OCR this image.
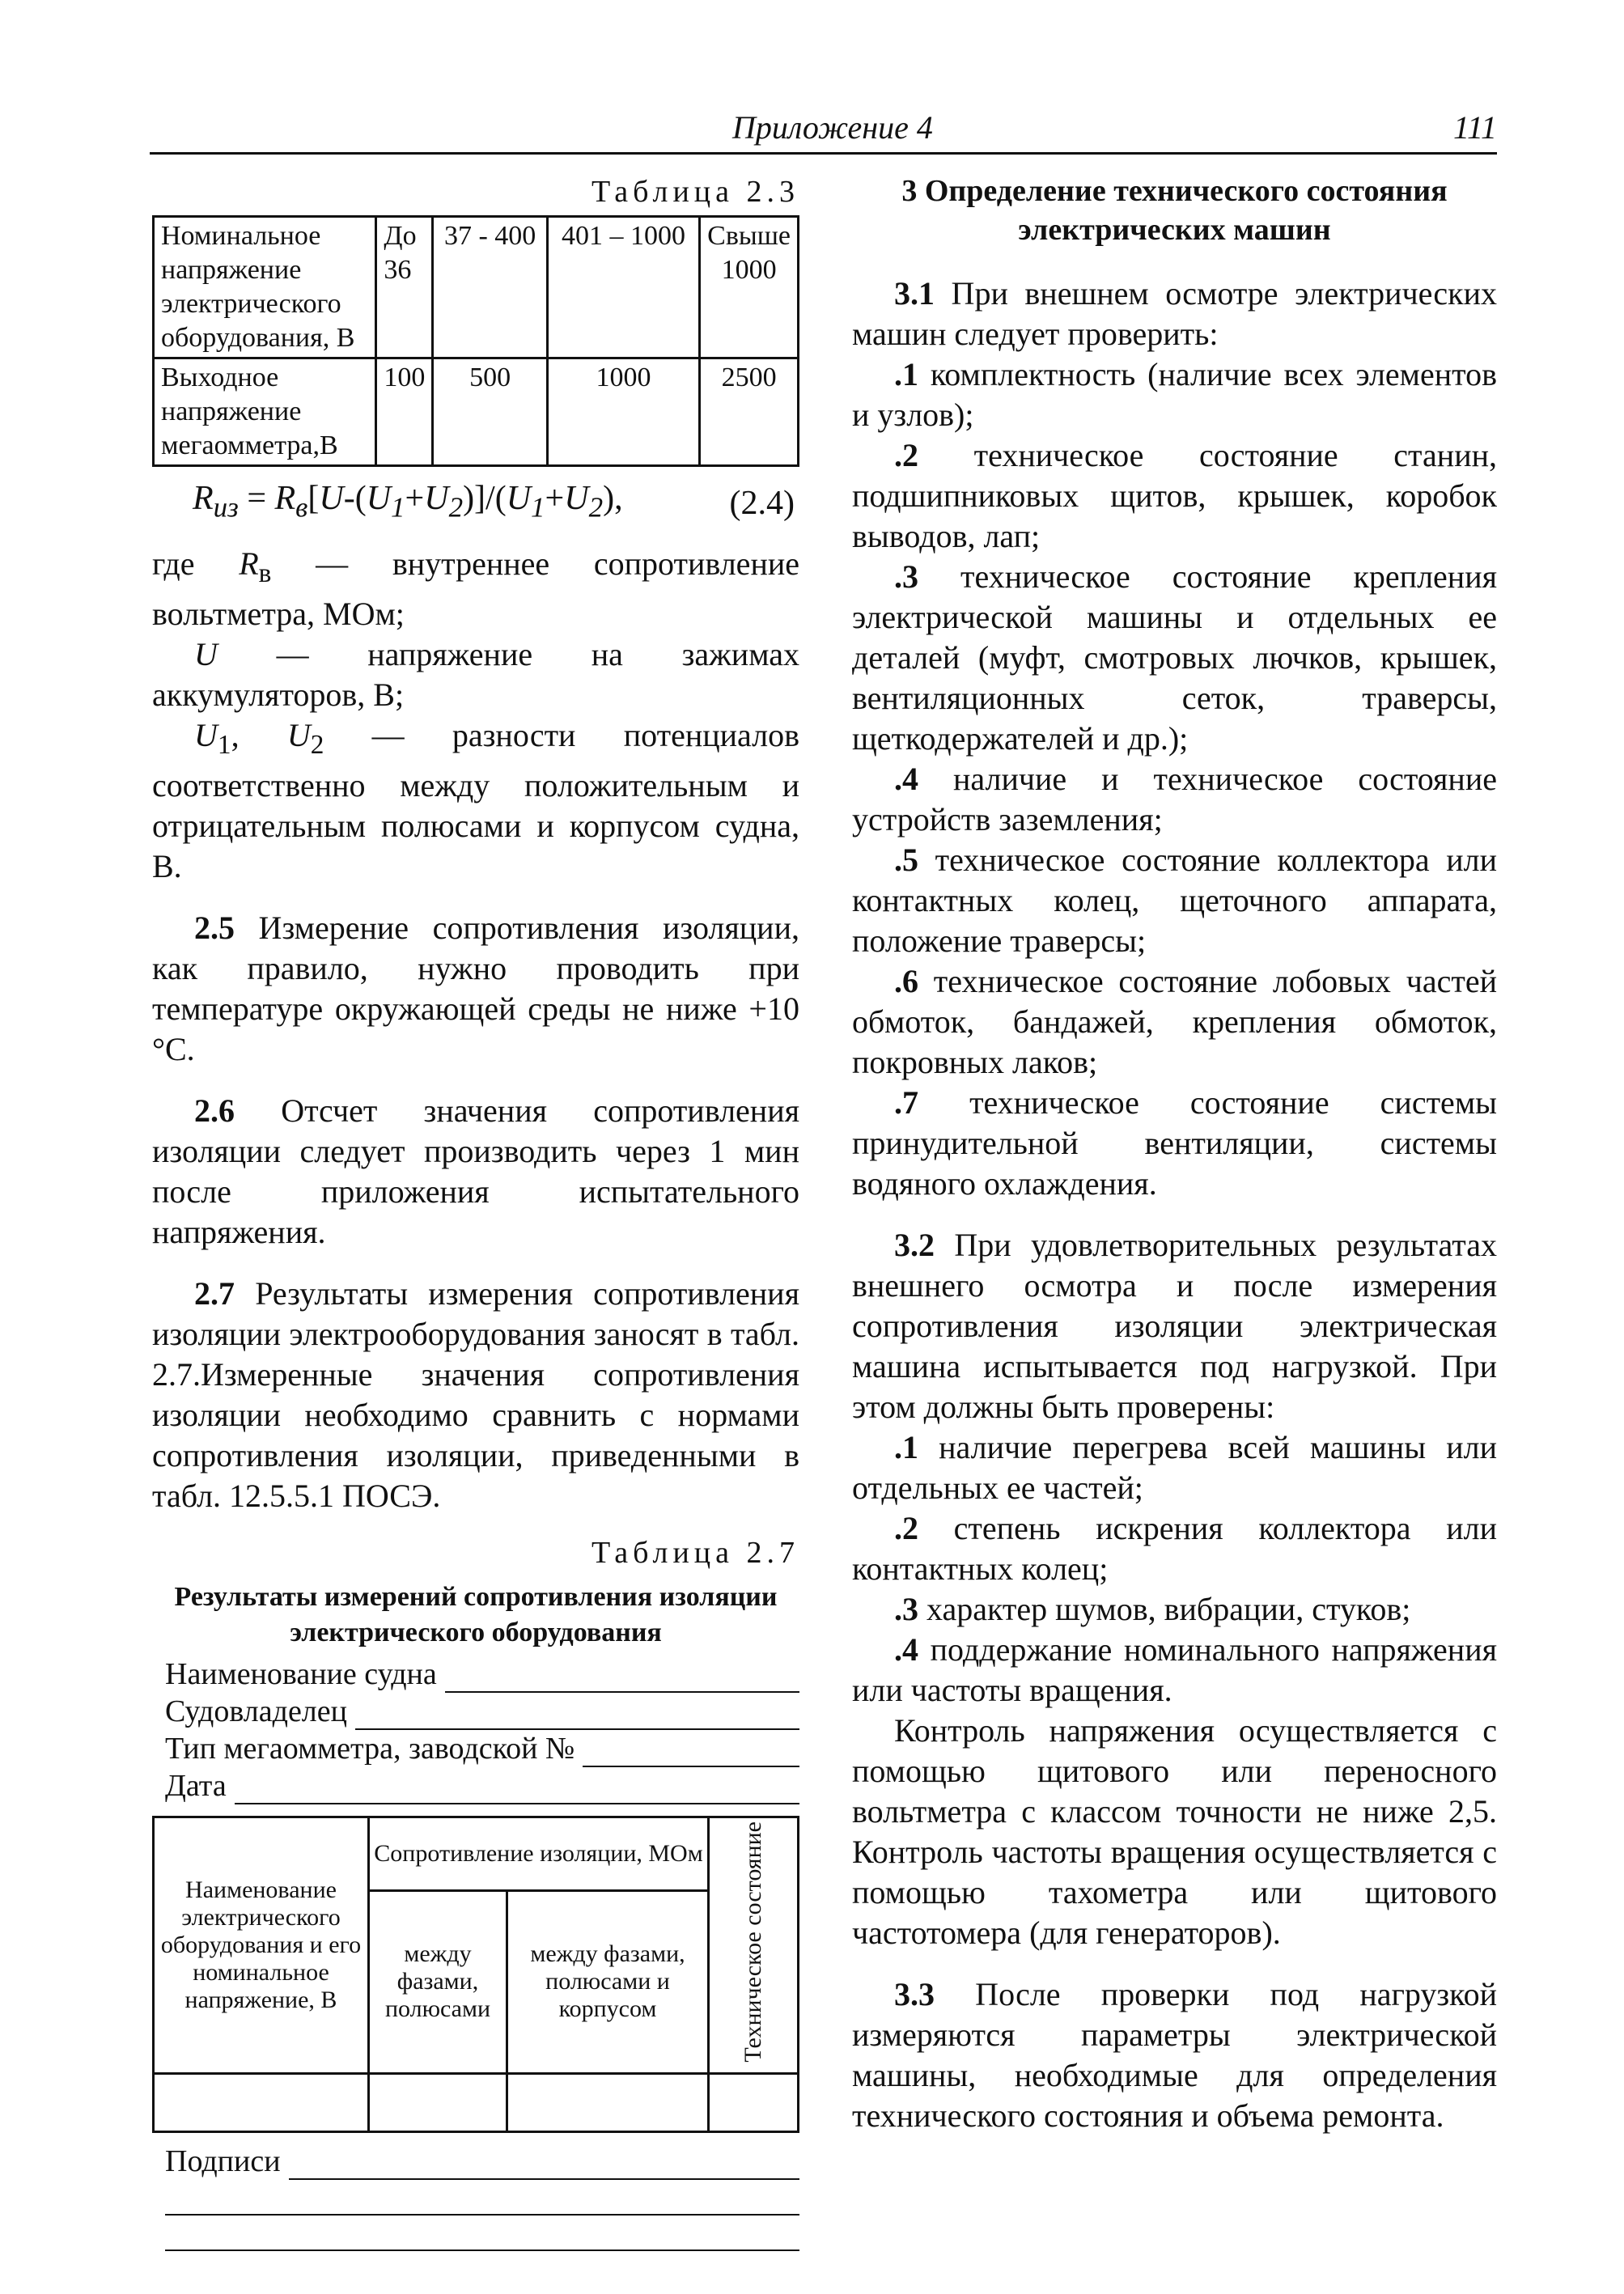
Приложение 4	111
Таблица 2.3
Номинальное напряжение электрического оборудования, В	До 36	37 - 400	401 – 1000	Свыше 1000
Выходное напряжение мегаомметра,В	100	500	1000	2500
$R_{из} = R_в[U-(U_1+U_2)]/(U_1+U_2)$,	(2.4)

где $R_в$ — внутреннее сопротивление вольтметра, МОм;

U — напряжение на зажимах аккумуляторов, В;

$U_1$, $U_2$ — разности потенциалов соответственно между положительным и отрицательным полюсами и корпусом судна, В.

2.5 Измерение сопротивления изоляции, как правило, нужно проводить при температуре окружающей среды не ниже +10 °С.

2.6 Отсчет значения сопротивления изоляции следует производить через 1 мин после приложения испытательного напряжения.

2.7 Результаты измерения сопротивления изоляции электрооборудования заносят в табл. 2.7.Измеренные значения сопротивления изоляции необходимо сравнить с нормами сопротивления изоляции, приведенными в табл. 12.5.5.1 ПОСЭ.

Таблица 2.7
Результаты измерений сопротивления изоляции электрического оборудования
Наименование судна
Судовладелец
Тип мегаомметра, заводской №
Дата
Наименование электрического оборудования и его номинальное напряжение, В	Сопротивление изоляции, МОм		Техническое состояние
	между фазами, полюсами	между фазами, полюсами и корпусом	

Подписи
3 Определение технического состояния электрических машин

3.1 При внешнем осмотре электрических машин следует проверить:

.1 комплектность (наличие всех элементов и узлов);

.2 техническое состояние станин, подшипниковых щитов, крышек, коробок выводов, лап;

.3 техническое состояние крепления электрической машины и отдельных ее деталей (муфт, смотровых лючков, крышек, вентиляционных сеток, траверсы, щеткодержателей и др.);

.4 наличие и техническое состояние устройств заземления;

.5 техническое состояние коллектора или контактных колец, щеточного аппарата, положение траверсы;

.6 техническое состояние лобовых частей обмоток, бандажей, крепления обмоток, покровных лаков;

.7 техническое состояние системы принудительной вентиляции, системы водяного охлаждения.

3.2 При удовлетворительных результатах внешнего осмотра и после измерения сопротивления изоляции электрическая машина испытывается под нагрузкой. При этом должны быть проверены:

.1 наличие перегрева всей машины или отдельных ее частей;

.2 степень искрения коллектора или контактных колец;

.3 характер шумов, вибрации, стуков;

.4 поддержание номинального напряжения или частоты вращения.

Контроль напряжения осуществляется с помощью щитового или переносного вольтметра с классом точности не ниже 2,5. Контроль частоты вращения осуществляется с помощью тахометра или щитового частотомера (для генераторов).

3.3 После проверки под нагрузкой измеряются параметры электрической машины, необходимые для определения технического состояния и объема ремонта.
